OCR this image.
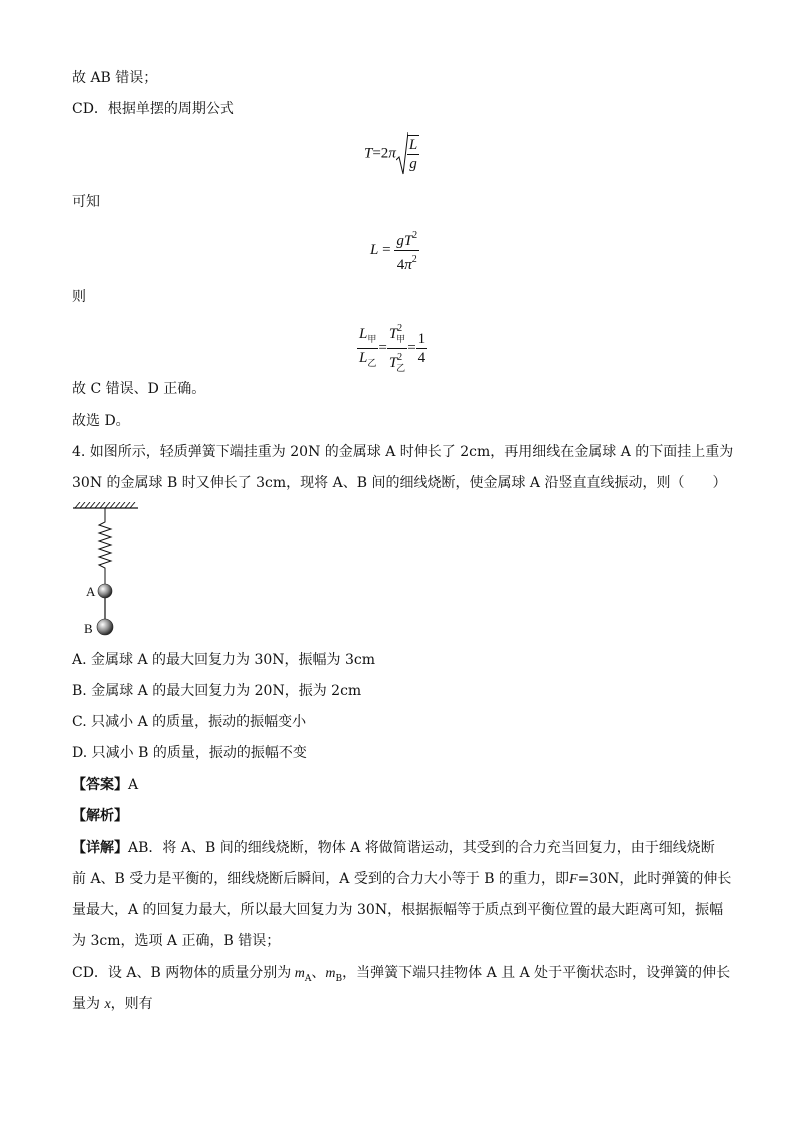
故 AB 错误；
CD．根据单摆的周期公式
$T=2\pi \frac{L}{g}$
可知
$L = \frac{gT^2}{4\pi^2}$
则
$\frac{L_甲}{L_乙} = \frac{T^2_甲}{T^2_乙} = \frac{1}{4}$
故 C 错误、D 正确。
故选 D。
4. 如图所示，轻质弹簧下端挂重为 20N 的金属球 A 时伸长了 2cm，再用细线在金属球 A 的下面挂上重为
30N 的金属球 B 时又伸长了 3cm，现将 A、B 间的细线烧断，使金属球 A 沿竖直直线振动，则（　　）
A
B
A. 金属球 A 的最大回复力为 30N，振幅为 3cm
B. 金属球 A 的最大回复力为 20N，振为 2cm
C. 只减小 A 的质量，振动的振幅变小
D. 只减小 B 的质量，振动的振幅不变
【答案】A
【解析】
【详解】AB．将 A、B 间的细线烧断，物体 A 将做简谐运动，其受到的合力充当回复力，由于细线烧断
前 A、B 受力是平衡的，细线烧断后瞬间，A 受到的合力大小等于 B 的重力，即F=30N，此时弹簧的伸长
量最大，A 的回复力最大，所以最大回复力为 30N，根据振幅等于质点到平衡位置的最大距离可知，振幅
为 3cm，选项 A 正确，B 错误；
CD．设 A、B 两物体的质量分别为 $m_A$、$m_B$，当弹簧下端只挂物体 A 且 A 处于平衡状态时，设弹簧的伸长
量为 x，则有
